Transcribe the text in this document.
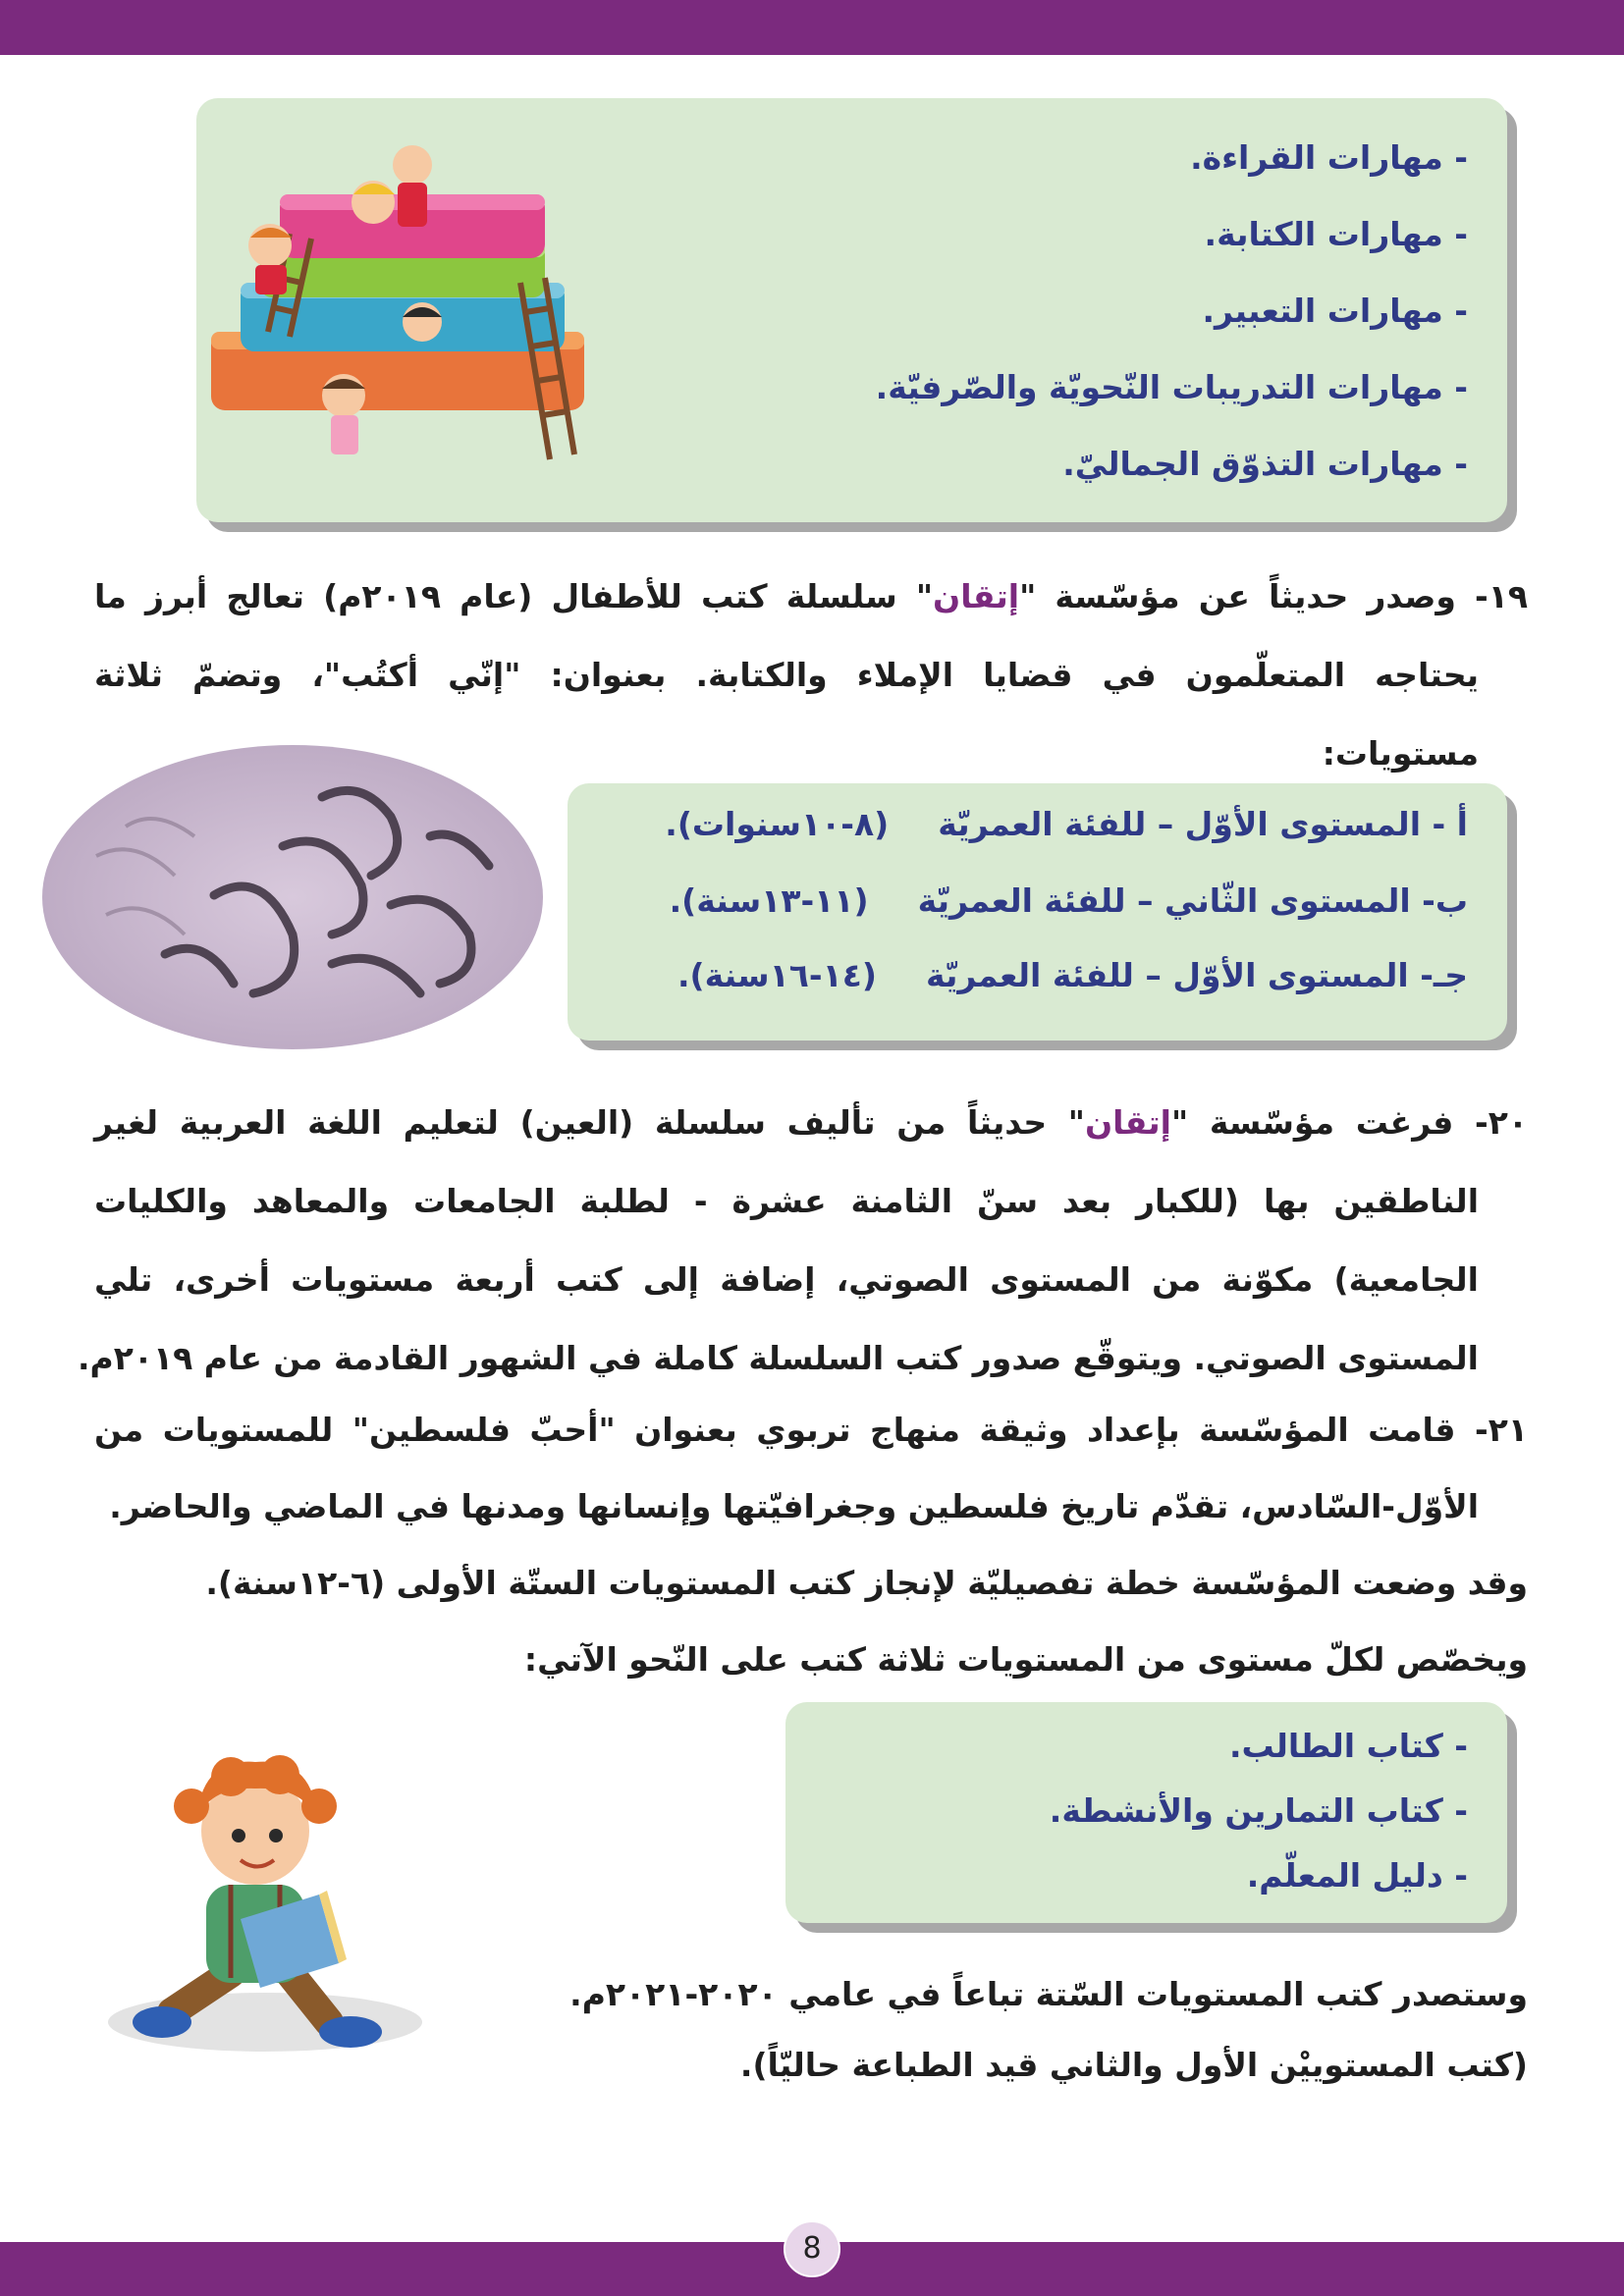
- مهارات القراءة.
- مهارات الكتابة.
- مهارات التعبير.
- مهارات التدريبات النّحويّة والصّرفيّة.
- مهارات التذوّق الجماليّ.
١٩- وصدر حديثاً عن مؤسّسة "إتقان" سلسلة كتب للأطفال (عام ٢٠١٩م) تعالج أبرز ما
يحتاجه المتعلّمون في قضايا الإملاء والكتابة. بعنوان: "إنّي أكتُب"، وتضمّ ثلاثة
مستويات:
أ - المستوى الأوّل – للفئة العمريّة(٨-١٠سنوات).
ب- المستوى الثّاني – للفئة العمريّة(١١-١٣سنة).
جـ- المستوى الأوّل – للفئة العمريّة(١٤-١٦سنة).
٢٠- فرغت مؤسّسة "إتقان" حديثاً من تأليف سلسلة (العين) لتعليم اللغة العربية لغير
الناطقين بها (للكبار بعد سنّ الثامنة عشرة - لطلبة الجامعات والمعاهد والكليات
الجامعية) مكوّنة من المستوى الصوتي، إضافة إلى كتب أربعة مستويات أخرى، تلي
المستوى الصوتي. ويتوقّع صدور كتب السلسلة كاملة في الشهور القادمة من عام ٢٠١٩م.
٢١- قامت المؤسّسة بإعداد وثيقة منهاج تربوي بعنوان "أحبّ فلسطين" للمستويات من
الأوّل-السّادس، تقدّم تاريخ فلسطين وجغرافيّتها وإنسانها ومدنها في الماضي والحاضر.
وقد وضعت المؤسّسة خطة تفصيليّة لإنجاز كتب المستويات الستّة الأولى (٦-١٢سنة).
ويخصّص لكلّ مستوى من المستويات ثلاثة كتب على النّحو الآتي:
- كتاب الطالب.
- كتاب التمارين والأنشطة.
- دليل المعلّم.
وستصدر كتب المستويات السّتة تباعاً في عامي ٢٠٢٠-٢٠٢١م.
(كتب المستوييْن الأول والثاني قيد الطباعة حاليّاً).
8
